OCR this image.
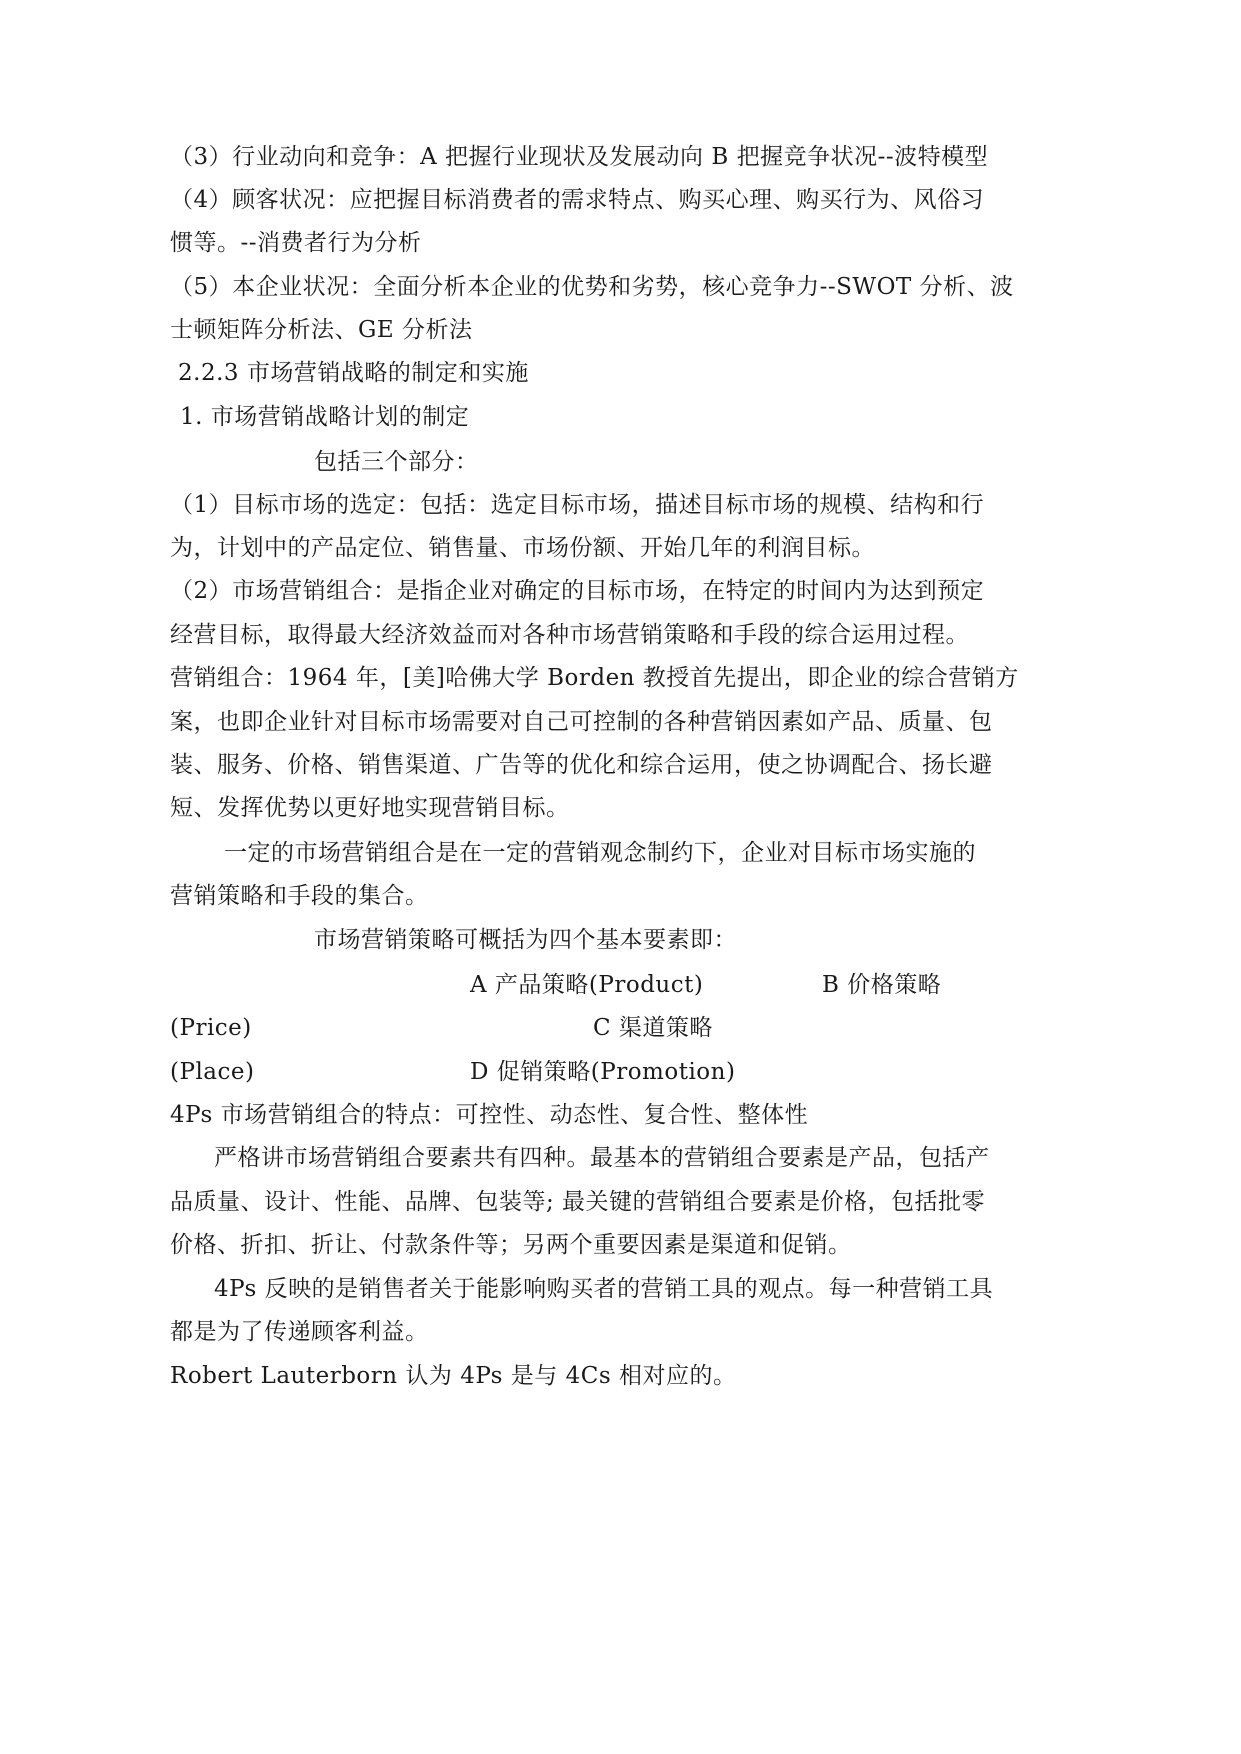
（3）行业动向和竞争：A 把握行业现状及发展动向 B 把握竞争状况--波特模型
（4）顾客状况：应把握目标消费者的需求特点、购买心理、购买行为、风俗习
惯等。--消费者行为分析
（5）本企业状况：全面分析本企业的优势和劣势，核心竞争力--SWOT 分析、波
士顿矩阵分析法、GE 分析法
2.2.3 市场营销战略的制定和实施
1. 市场营销战略计划的制定
包括三个部分：
（1）目标市场的选定：包括：选定目标市场，描述目标市场的规模、结构和行
为，计划中的产品定位、销售量、市场份额、开始几年的利润目标。
（2）市场营销组合：是指企业对确定的目标市场，在特定的时间内为达到预定
经营目标，取得最大经济效益而对各种市场营销策略和手段的综合运用过程。
营销组合：1964 年，[美]哈佛大学 Borden 教授首先提出，即企业的综合营销方
案，也即企业针对目标市场需要对自己可控制的各种营销因素如产品、质量、包
装、服务、价格、销售渠道、广告等的优化和综合运用，使之协调配合、扬长避
短、发挥优势以更好地实现营销目标。
一定的市场营销组合是在一定的营销观念制约下，企业对目标市场实施的
营销策略和手段的集合。
市场营销策略可概括为四个基本要素即：
A 产品策略(Product)	B 价格策略
(Price)	C 渠道策略
(Place)	D 促销策略(Promotion)
4Ps 市场营销组合的特点：可控性、动态性、复合性、整体性
严格讲市场营销组合要素共有四种。最基本的营销组合要素是产品，包括产
品质量、设计、性能、品牌、包装等; 最关键的营销组合要素是价格，包括批零
价格、折扣、折让、付款条件等；另两个重要因素是渠道和促销。
4Ps 反映的是销售者关于能影响购买者的营销工具的观点。每一种营销工具
都是为了传递顾客利益。
Robert Lauterborn 认为 4Ps 是与 4Cs 相对应的。
